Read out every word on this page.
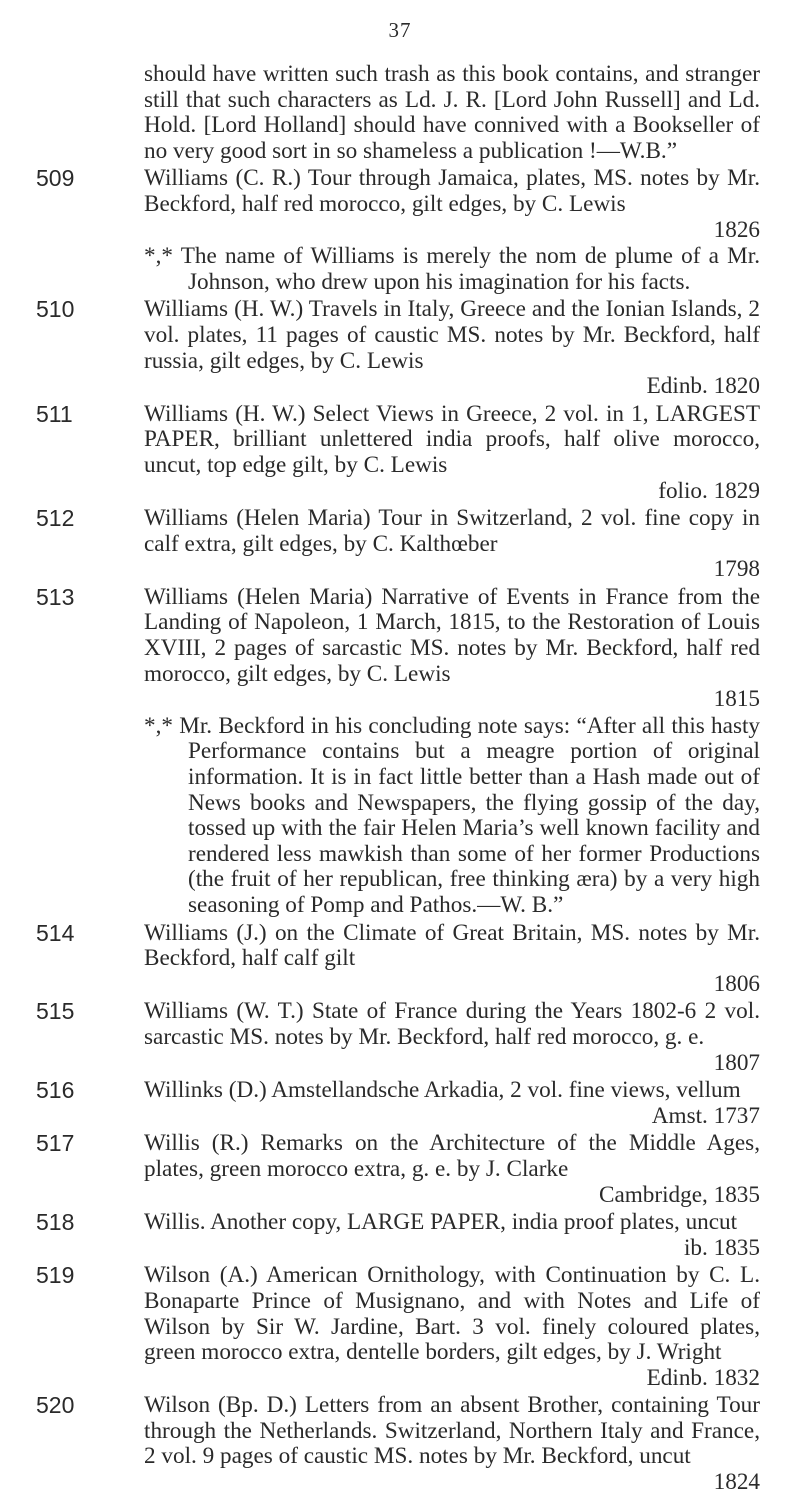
37
should have written such trash as this book contains, and stranger still that such characters as Ld. J. R. [Lord John Russell] and Ld. Hold. [Lord Holland] should have connived with a Bookseller of no very good sort in so shameless a publication !—W.B.”
509	Williams (C. R.) Tour through Jamaica, plates, MS. notes by Mr. Beckford, half red morocco, gilt edges, by C. Lewis
1826
*,* The name of Williams is merely the nom de plume of a Mr. Johnson, who drew upon his imagination for his facts.
510	Williams (H. W.) Travels in Italy, Greece and the Ionian Islands, 2 vol. plates, 11 pages of caustic MS. notes by Mr. Beckford, half russia, gilt edges, by C. Lewis
Edinb. 1820
511	Williams (H. W.) Select Views in Greece, 2 vol. in 1, LARGEST PAPER, brilliant unlettered india proofs, half olive morocco, uncut, top edge gilt, by C. Lewis
folio. 1829
512	Williams (Helen Maria) Tour in Switzerland, 2 vol. fine copy in calf extra, gilt edges, by C. Kalthœber
1798
513	Williams (Helen Maria) Narrative of Events in France from the Landing of Napoleon, 1 March, 1815, to the Restoration of Louis XVIII, 2 pages of sarcastic MS. notes by Mr. Beckford, half red morocco, gilt edges, by C. Lewis
1815
*,* Mr. Beckford in his concluding note says: “After all this hasty Performance contains but a meagre portion of original information. It is in fact little better than a Hash made out of News books and Newspapers, the flying gossip of the day, tossed up with the fair Helen Maria’s well known facility and rendered less mawkish than some of her former Productions (the fruit of her republican, free thinking æra) by a very high seasoning of Pomp and Pathos.—W. B.”
514	Williams (J.) on the Climate of Great Britain, MS. notes by Mr. Beckford, half calf gilt
1806
515	Williams (W. T.) State of France during the Years 1802-6 2 vol. sarcastic MS. notes by Mr. Beckford, half red morocco, g. e.
1807
516	Willinks (D.) Amstellandsche Arkadia, 2 vol. fine views, vellum
Amst. 1737
517	Willis (R.) Remarks on the Architecture of the Middle Ages, plates, green morocco extra, g. e. by J. Clarke
Cambridge, 1835
518	Willis. Another copy, LARGE PAPER, india proof plates, uncut
ib. 1835
519	Wilson (A.) American Ornithology, with Continuation by C. L. Bonaparte Prince of Musignano, and with Notes and Life of Wilson by Sir W. Jardine, Bart. 3 vol. finely coloured plates, green morocco extra, dentelle borders, gilt edges, by J. Wright
Edinb. 1832
520	Wilson (Bp. D.) Letters from an absent Brother, containing Tour through the Netherlands. Switzerland, Northern Italy and France, 2 vol. 9 pages of caustic MS. notes by Mr. Beckford, uncut
1824
